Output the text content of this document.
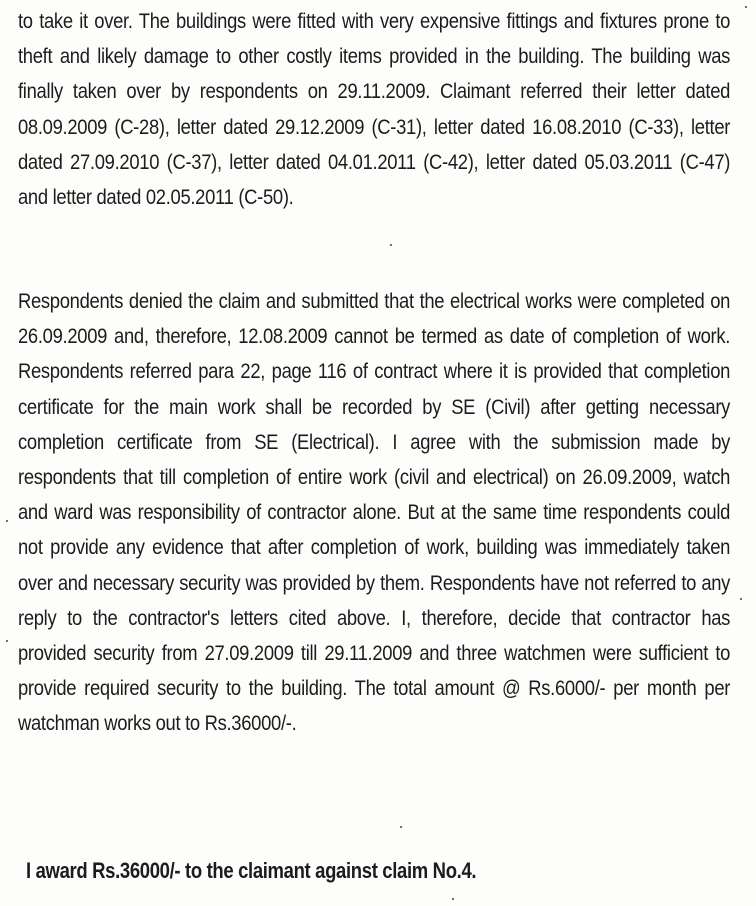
to take it over. The buildings were fitted with very expensive fittings and fixtures prone to theft and likely damage to other costly items provided in the building. The building was finally taken over by respondents on 29.11.2009. Claimant referred their letter dated 08.09.2009 (C-28), letter dated 29.12.2009 (C-31), letter dated 16.08.2010 (C-33), letter dated 27.09.2010 (C-37), letter dated 04.01.2011 (C-42), letter dated 05.03.2011 (C-47) and letter dated 02.05.2011 (C-50).

Respondents denied the claim and submitted that the electrical works were completed on 26.09.2009 and, therefore, 12.08.2009 cannot be termed as date of completion of work. Respondents referred para 22, page 116 of contract where it is provided that completion certificate for the main work shall be recorded by SE (Civil) after getting necessary completion certificate from SE (Electrical). I agree with the submission made by respondents that till completion of entire work (civil and electrical) on 26.09.2009, watch and ward was responsibility of contractor alone. But at the same time respondents could not provide any evidence that after completion of work, building was immediately taken over and necessary security was provided by them. Respondents have not referred to any reply to the contractor's letters cited above. I, therefore, decide that contractor has provided security from 27.09.2009 till 29.11.2009 and three watchmen were sufficient to provide required security to the building. The total amount @ Rs.6000/- per month per watchman works out to Rs.36000/-.

I award Rs.36000/- to the claimant against claim No.4.
